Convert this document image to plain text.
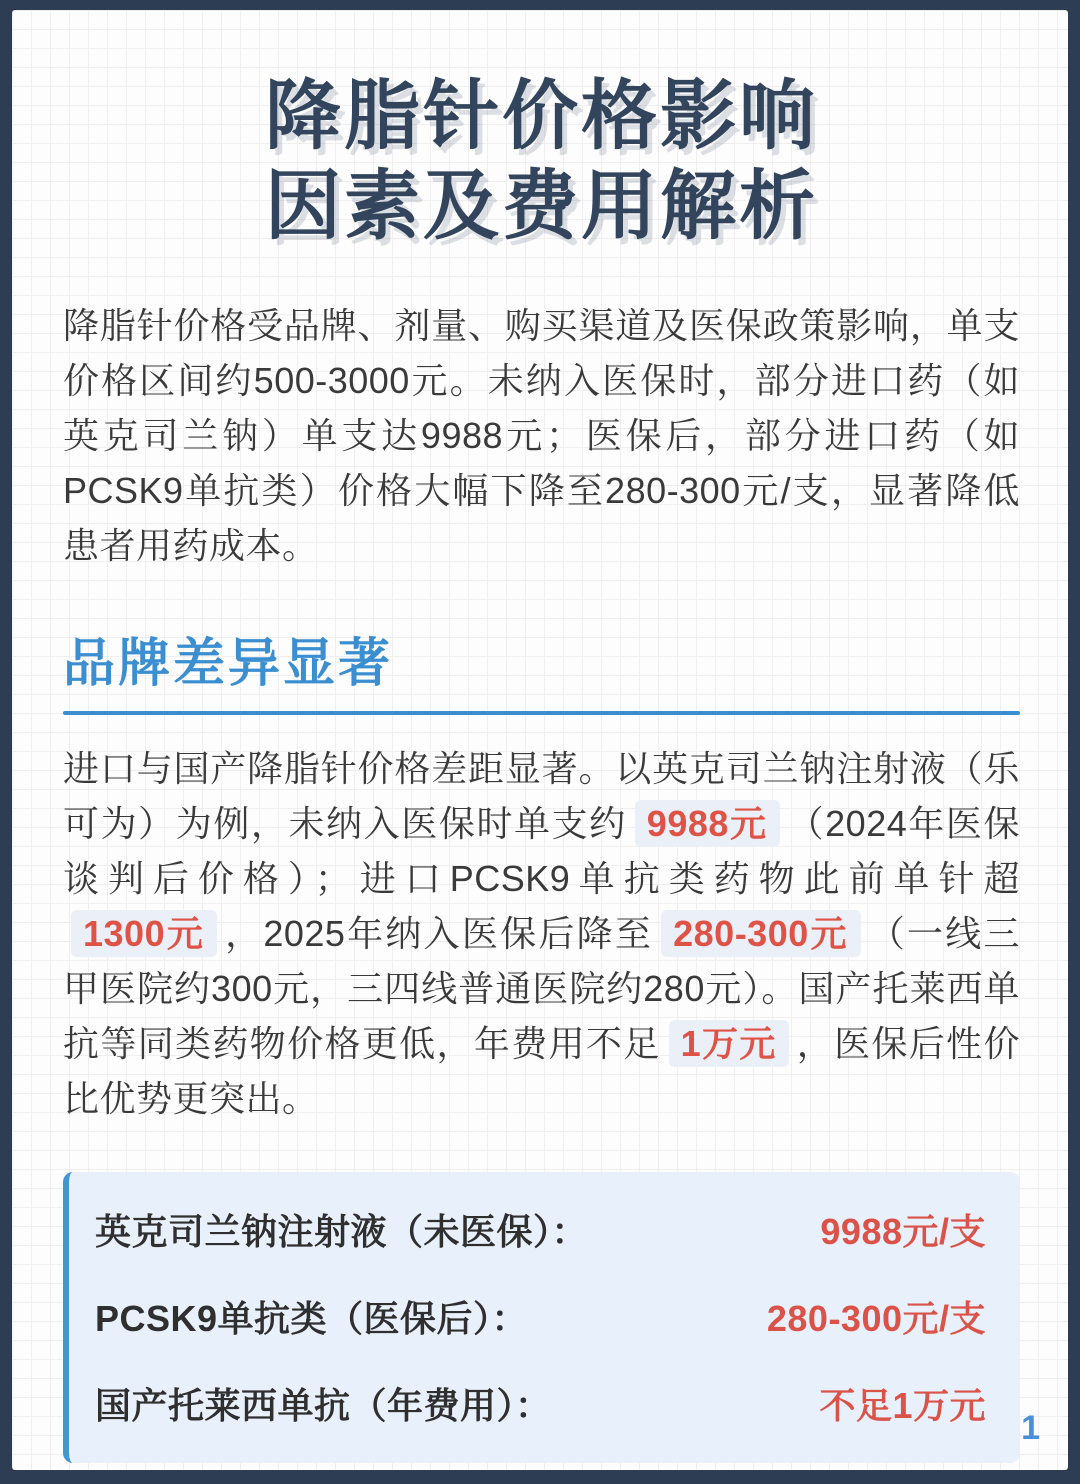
降脂针价格影响
因素及费用解析

降脂针价格受品牌、剂量、购买渠道及医保政策影响，单支价格区间约500-3000元。未纳入医保时，部分进口药（如英克司兰钠）单支达9988元；医保后，部分进口药（如PCSK9单抗类）价格大幅下降至280-300元/支，显著降低患者用药成本。

品牌差异显著

进口与国产降脂针价格差距显著。以英克司兰钠注射液（乐可为）为例，未纳入医保时单支约 9988元 （2024年医保谈判后价格）；进口PCSK9单抗类药物此前单针超1300元 ，2025年纳入医保后降至 280-300元 （一线三甲医院约300元，三四线普通医院约280元）。国产托莱西单抗等同类药物价格更低，年费用不足 1万元 ，医保后性价比优势更突出。

英克司兰钠注射液（未医保）：	9988元/支
PCSK9单抗类（医保后）：	280-300元/支
国产托莱西单抗（年费用）：	不足1万元
1
